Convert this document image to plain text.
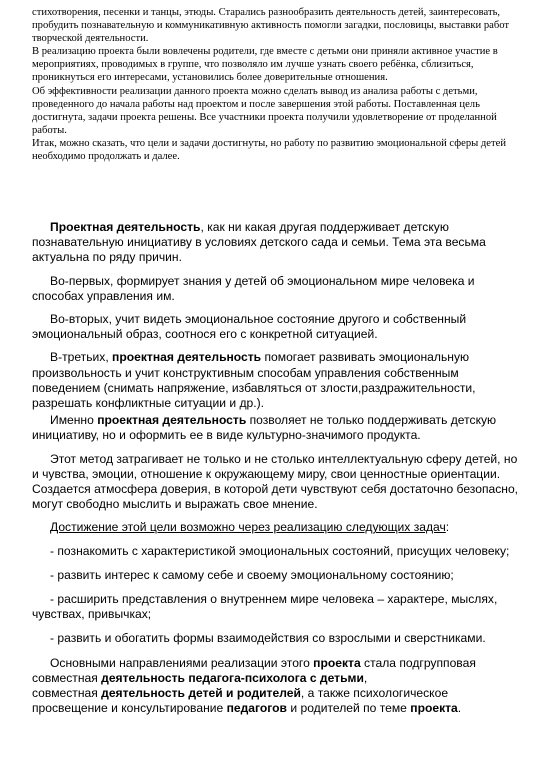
стихотворения, песенки и танцы, этюды. Старались разнообразить деятельность детей, заинтересовать, пробудить познавательную и коммуникативную активность помогли загадки, пословицы, выставки работ творческой деятельности.

В реализацию проекта были вовлечены родители, где вместе с детьми они приняли активное участие в мероприятиях, проводимых в группе, что позволяло им лучше узнать своего ребёнка, сблизиться, проникнуться его интересами, установились более доверительные отношения.

Об эффективности реализации данного проекта можно сделать вывод из анализа работы с детьми, проведенного до начала работы над проектом и после завершения этой работы. Поставленная цель достигнута, задачи проекта решены. Все участники проекта получили удовлетворение от проделанной работы.

Итак, можно сказать, что цели и задачи достигнуты, но работу по развитию эмоциональной сферы детей необходимо продолжать и далее.

Проектная деятельность, как ни какая другая поддерживает детскую познавательную инициативу в условиях детского сада и семьи. Тема эта весьма актуальна по ряду причин.

Во-первых, формирует знания у детей об эмоциональном мире человека и способах управления им.

Во-вторых, учит видеть эмоциональное состояние другого и собственный эмоциональный образ, соотнося его с конкретной ситуацией.

В-третьих, проектная деятельность помогает развивать эмоциональную произвольность и учит конструктивным способам управления собственным поведением (снимать напряжение, избавляться от злости,раздражительности, разрешать конфликтные ситуации и др.).

Именно проектная деятельность позволяет не только поддерживать детскую инициативу, но и оформить ее в виде культурно-значимого продукта.

Этот метод затрагивает не только и не столько интеллектуальную сферу детей, но и чувства, эмоции, отношение к окружающему миру, свои ценностные ориентации. Создается атмосфера доверия, в которой дети чувствуют себя достаточно безопасно, могут свободно мыслить и выражать свое мнение.

Достижение этой цели возможно через реализацию следующих задач:

- познакомить с характеристикой эмоциональных состояний, присущих человеку;

- развить интерес к самому себе и своему эмоциональному состоянию;

- расширить представления о внутреннем мире человека – характере, мыслях, чувствах, привычках;

- развить и обогатить формы взаимодействия со взрослыми и сверстниками.

Основными направлениями реализации этого проекта стала подгрупповая совместная деятельность педагога-психолога с детьми,
совместная деятельность детей и родителей, а также психологическое просвещение и консультирование педагогов и родителей по теме проекта.
